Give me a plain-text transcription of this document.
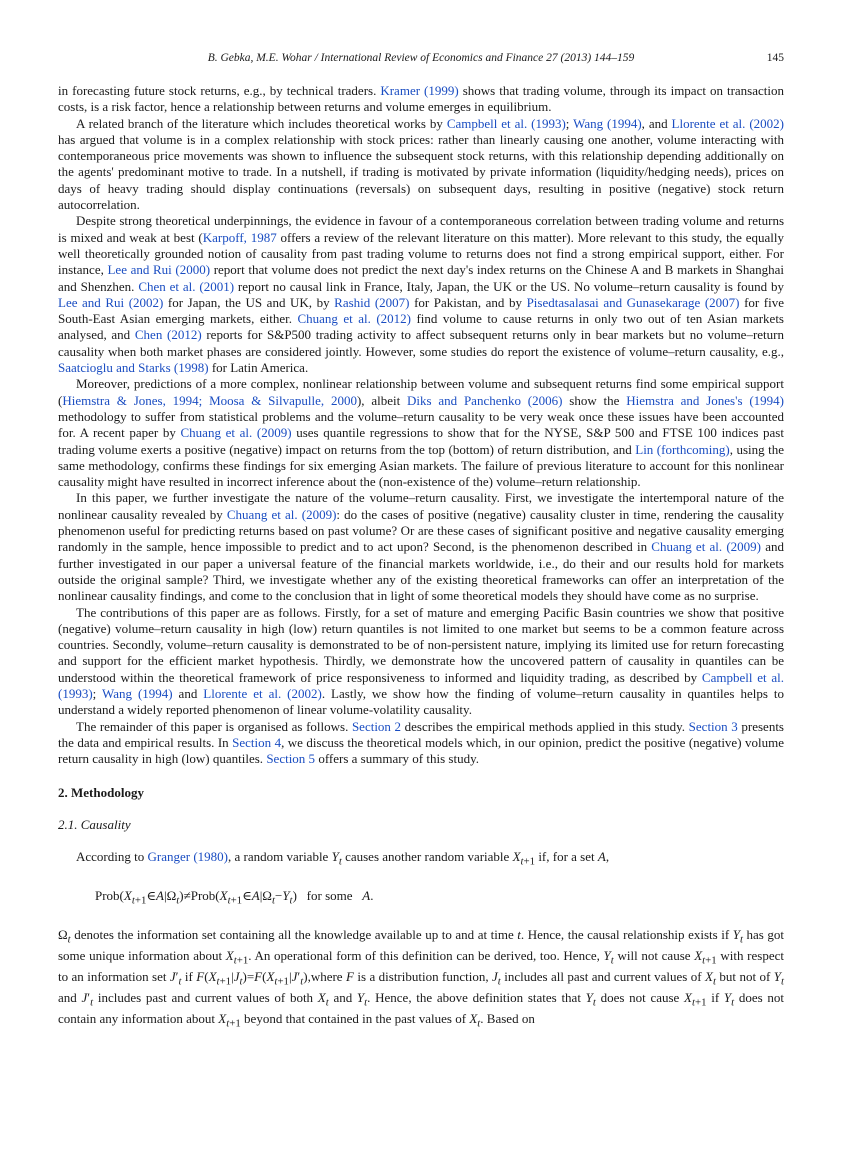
B. Gebka, M.E. Wohar / International Review of Economics and Finance 27 (2013) 144–159	145

in forecasting future stock returns, e.g., by technical traders. Kramer (1999) shows that trading volume, through its impact on transaction costs, is a risk factor, hence a relationship between returns and volume emerges in equilibrium.

A related branch of the literature which includes theoretical works by Campbell et al. (1993); Wang (1994), and Llorente et al. (2002) has argued that volume is in a complex relationship with stock prices: rather than linearly causing one another, volume interacting with contemporaneous price movements was shown to influence the subsequent stock returns, with this relationship depending additionally on the agents' predominant motive to trade. In a nutshell, if trading is motivated by private information (liquidity/hedging needs), prices on days of heavy trading should display continuations (reversals) on subsequent days, resulting in positive (negative) stock return autocorrelation.

Despite strong theoretical underpinnings, the evidence in favour of a contemporaneous correlation between trading volume and returns is mixed and weak at best (Karpoff, 1987 offers a review of the relevant literature on this matter). More relevant to this study, the equally well theoretically grounded notion of causality from past trading volume to returns does not find a strong empirical support, either. For instance, Lee and Rui (2000) report that volume does not predict the next day's index returns on the Chinese A and B markets in Shanghai and Shenzhen. Chen et al. (2001) report no causal link in France, Italy, Japan, the UK or the US. No volume–return causality is found by Lee and Rui (2002) for Japan, the US and UK, by Rashid (2007) for Pakistan, and by Pisedtasalasai and Gunasekarage (2007) for five South-East Asian emerging markets, either. Chuang et al. (2012) find volume to cause returns in only two out of ten Asian markets analysed, and Chen (2012) reports for S&P500 trading activity to affect subsequent returns only in bear markets but no volume–return causality when both market phases are considered jointly. However, some studies do report the existence of volume–return causality, e.g., Saatcioglu and Starks (1998) for Latin America.

Moreover, predictions of a more complex, nonlinear relationship between volume and subsequent returns find some empirical support (Hiemstra & Jones, 1994; Moosa & Silvapulle, 2000), albeit Diks and Panchenko (2006) show the Hiemstra and Jones's (1994) methodology to suffer from statistical problems and the volume–return causality to be very weak once these issues have been accounted for. A recent paper by Chuang et al. (2009) uses quantile regressions to show that for the NYSE, S&P 500 and FTSE 100 indices past trading volume exerts a positive (negative) impact on returns from the top (bottom) of return distribution, and Lin (forthcoming), using the same methodology, confirms these findings for six emerging Asian markets. The failure of previous literature to account for this nonlinear causality might have resulted in incorrect inference about the (non-existence of the) volume–return relationship.

In this paper, we further investigate the nature of the volume–return causality. First, we investigate the intertemporal nature of the nonlinear causality revealed by Chuang et al. (2009): do the cases of positive (negative) causality cluster in time, rendering the causality phenomenon useful for predicting returns based on past volume? Or are these cases of significant positive and negative causality emerging randomly in the sample, hence impossible to predict and to act upon? Second, is the phenomenon described in Chuang et al. (2009) and further investigated in our paper a universal feature of the financial markets worldwide, i.e., do their and our results hold for markets outside the original sample? Third, we investigate whether any of the existing theoretical frameworks can offer an interpretation of the nonlinear causality findings, and come to the conclusion that in light of some theoretical models they should have come as no surprise.

The contributions of this paper are as follows. Firstly, for a set of mature and emerging Pacific Basin countries we show that positive (negative) volume–return causality in high (low) return quantiles is not limited to one market but seems to be a common feature across countries. Secondly, volume–return causality is demonstrated to be of non-persistent nature, implying its limited use for return forecasting and support for the efficient market hypothesis. Thirdly, we demonstrate how the uncovered pattern of causality in quantiles can be understood within the theoretical framework of price responsiveness to informed and liquidity trading, as described by Campbell et al. (1993); Wang (1994) and Llorente et al. (2002). Lastly, we show how the finding of volume–return causality in quantiles helps to understand a widely reported phenomenon of linear volume-volatility causality.

The remainder of this paper is organised as follows. Section 2 describes the empirical methods applied in this study. Section 3 presents the data and empirical results. In Section 4, we discuss the theoretical models which, in our opinion, predict the positive (negative) volume return causality in high (low) quantiles. Section 5 offers a summary of this study.

2. Methodology
2.1. Causality

According to Granger (1980), a random variable $Y_t$ causes another random variable $X_{t+1}$ if, for a set A,

$Prob(X_{t+1}\in A|\Omega_t)\ne Prob(X_{t+1}\in A|\Omega_t-Y_t)$   for some A.

$\Omega_t$ denotes the information set containing all the knowledge available up to and at time t. Hence, the causal relationship exists if $Y_t$ has got some unique information about $X_{t+1}$. An operational form of this definition can be derived, too. Hence, $Y_t$ will not cause $X_{t+1}$ with respect to an information set $J'_t$ if $F(X_{t+1}|J_t)=F(X_{t+1}|J'_t),where$ F is a distribution function, $J_t$ includes all past and current values of $X_t$ but not of $Y_t$ and $J'_t$ includes past and current values of both $X_t$ and $Y_t$. Hence, the above definition states that $Y_t$ does not cause $X_{t+1}$ if $Y_t$ does not contain any information about $X_{t+1}$ beyond that contained in the past values of $X_t$. Based on
